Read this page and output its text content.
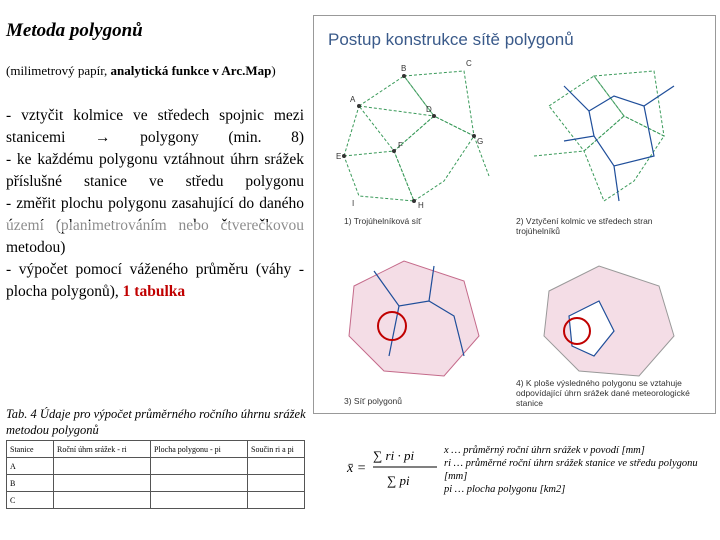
Metoda polygonů
(milimetrový papír, analytická funkce v Arc.Map)

- vztyčit kolmice ve středech spojnic mezi stanicemi → polygony (min. 8)

- ke každému polygonu vztáhnout úhrn srážek příslušné stanice ve středu polygonu

- změřit plochu polygonu zasahující do daného metodou)

- výpočet pomocí váženého průměru (váhy - plocha polygonů), 1 tabulka

Postup konstrukce sítě polygonů
A
B
C
D
E
F	G
H
I
1) Trojúhelníková síť	2) Vztyčení kolmic ve středech stran trojúhelníků
3) Síť polygonů
4) K ploše výsledného polygonu se vztahuje odpovídající úhrn srážek dané meteorologické stanice
Tab. 4 Údaje pro výpočet průměrného ročního úhrnu srážek metodou polygonů
Stanice	Roční úhrn srážek - ri	Plocha polygonu - pi	Součin ri a pi
A			
B			
C			
x̄ =
∑ ri · pi
∑ pi
x … průměrný roční úhrn srážek v povodí [mm]
ri … průměrné roční úhrn srážek stanice ve středu polygonu [mm]
pi … plocha polygonu [km2]
